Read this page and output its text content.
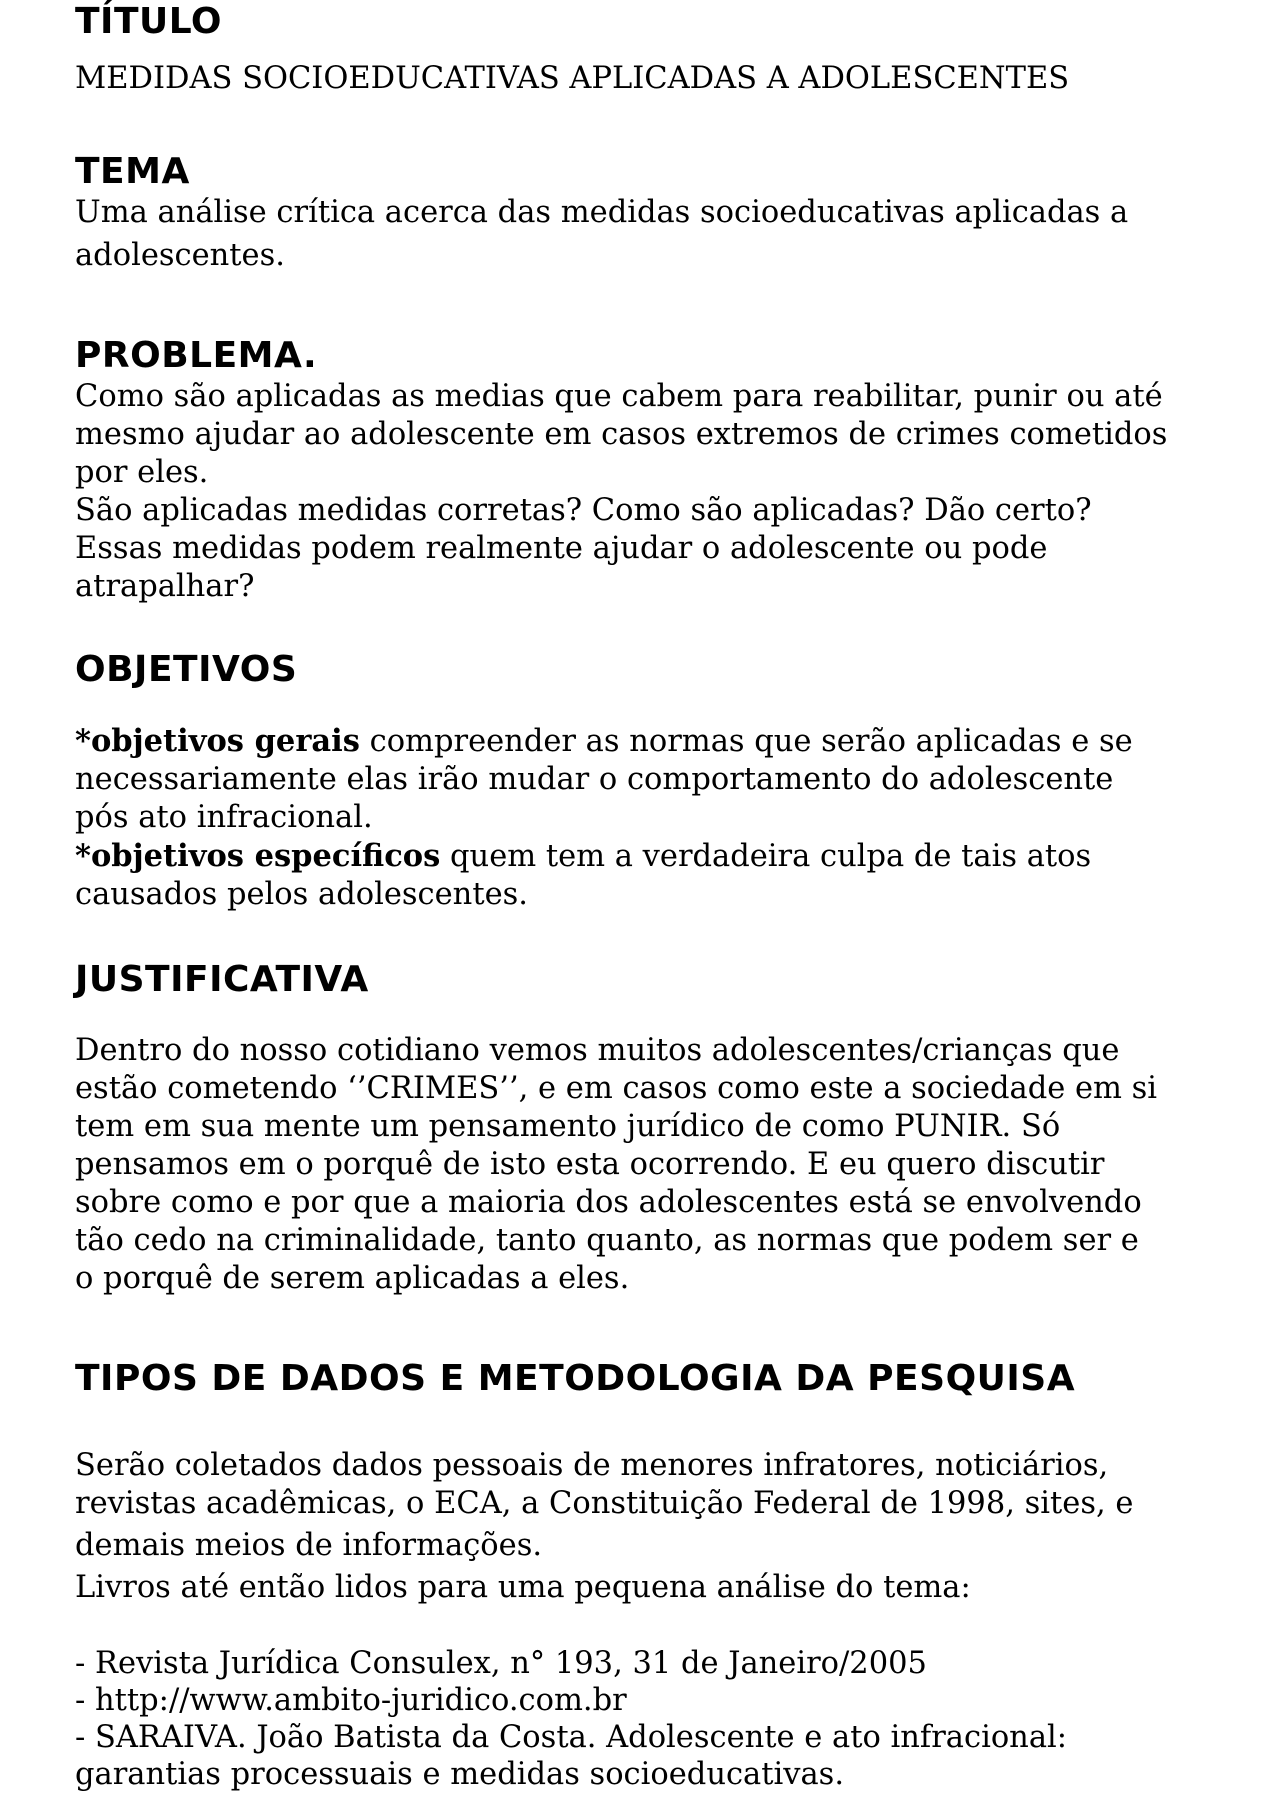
TÍTULO

MEDIDAS SOCIOEDUCATIVAS APLICADAS A ADOLESCENTES

TEMA

Uma análise crítica acerca das medidas socioeducativas aplicadas a

adolescentes.

PROBLEMA.

Como são aplicadas as medias que cabem para reabilitar, punir ou até

mesmo ajudar ao adolescente em casos extremos de crimes cometidos

por eles.

São aplicadas medidas corretas? Como são aplicadas? Dão certo?

Essas medidas podem realmente ajudar o adolescente ou pode

atrapalhar?

OBJETIVOS

*objetivos gerais compreender as normas que serão aplicadas e se

necessariamente elas irão mudar o comportamento do adolescente

pós ato infracional.

*objetivos específicos quem tem a verdadeira culpa de tais atos

causados pelos adolescentes.

JUSTIFICATIVA

Dentro do nosso cotidiano vemos muitos adolescentes/crianças que

estão cometendo ‘’CRIMES’’, e em casos como este a sociedade em si

tem em sua mente um pensamento jurídico de como PUNIR. Só

pensamos em o porquê de isto esta ocorrendo. E eu quero discutir

sobre como e por que a maioria dos adolescentes está se envolvendo

tão cedo na criminalidade, tanto quanto, as normas que podem ser e

o porquê de serem aplicadas a eles.

TIPOS DE DADOS E METODOLOGIA DA PESQUISA

Serão coletados dados pessoais de menores infratores, noticiários,

revistas acadêmicas, o ECA, a Constituição Federal de 1998, sites, e

demais meios de informações.

Livros até então lidos para uma pequena análise do tema:

- Revista Jurídica Consulex, n° 193, 31 de Janeiro/2005

- http://www.ambito-juridico.com.br

- SARAIVA. João Batista da Costa. Adolescente e ato infracional:

garantias processuais e medidas socioeducativas.
